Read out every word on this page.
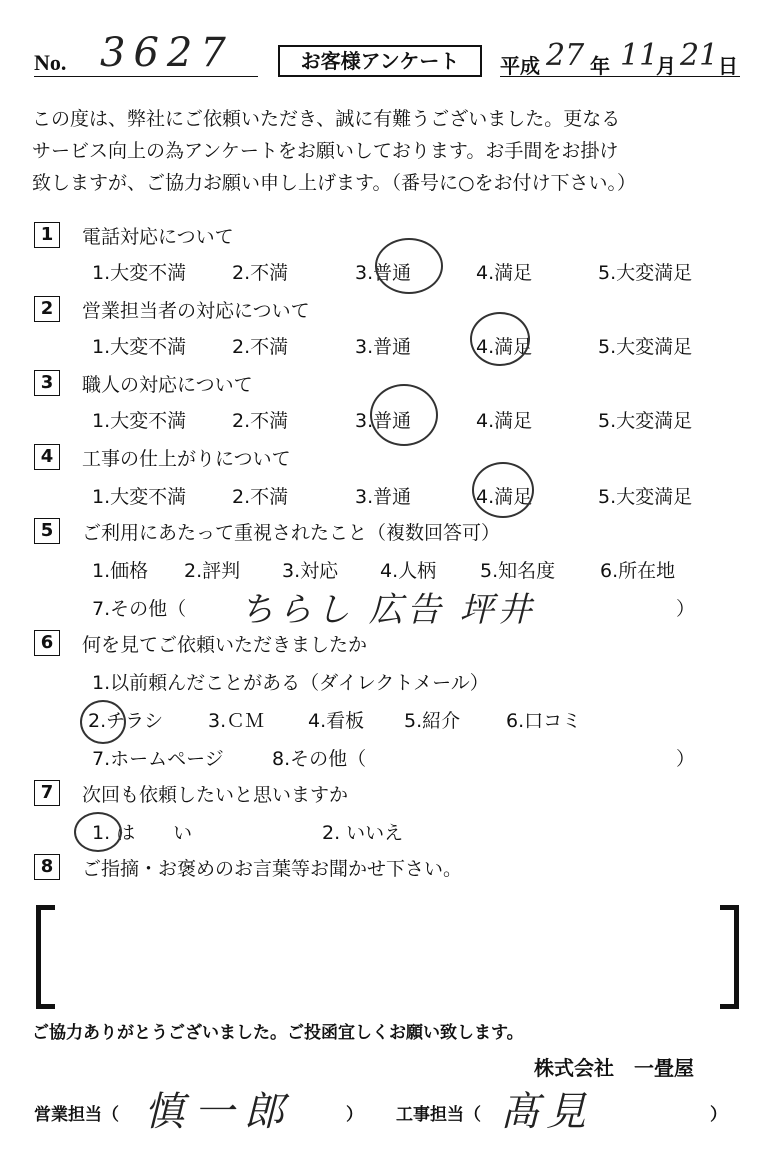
No. 3627	お客様アンケート	平成 27 年 11
月 21 日
この度は、弊社にご依頼いただき、誠に有難うございました。更なる
サービス向上の為アンケートをお願いしております。お手間をお掛け
致しますが、ご協力お願い申し上げます。（番号に○をお付け下さい。）
1	電話対応について
1.大変不満 2.不満	3.普通	4.満足	5.大変満足
2	営業担当者の対応について
1.大変不満 2.不満	3.普通	4.満足	5.大変満足
3	職人の対応について
1.大変不満 2.不満	3.普通	4.満足	5.大変満足
4	工事の仕上がりについて
1.大変不満 2.不満	3.普通	4.満足	5.大変満足
5	ご利用にあたって重視されたこと（複数回答可）
1.価格 2.評判 3.対応 4.人柄 5.知名度 6.所在地
7.その他（ ちらし 広告 坪井	）
6	何を見てご依頼いただきましたか
1.以前頼んだことがある（ダイレクトメール）
2.チラシ 3.ＣＭ 4.看板 5.紹介 6.口コミ
7.ホームページ	8.その他（	）
7	次回も依頼したいと思いますか
1. は　　い	2. いいえ
8	ご指摘・お褒めのお言葉等お聞かせ下さい。
ご協力ありがとうございました。ご投函宜しくお願い致します。
株式会社　一畳屋
営業担当（ 慎一郎	） 工事担当（ 髙見	）
